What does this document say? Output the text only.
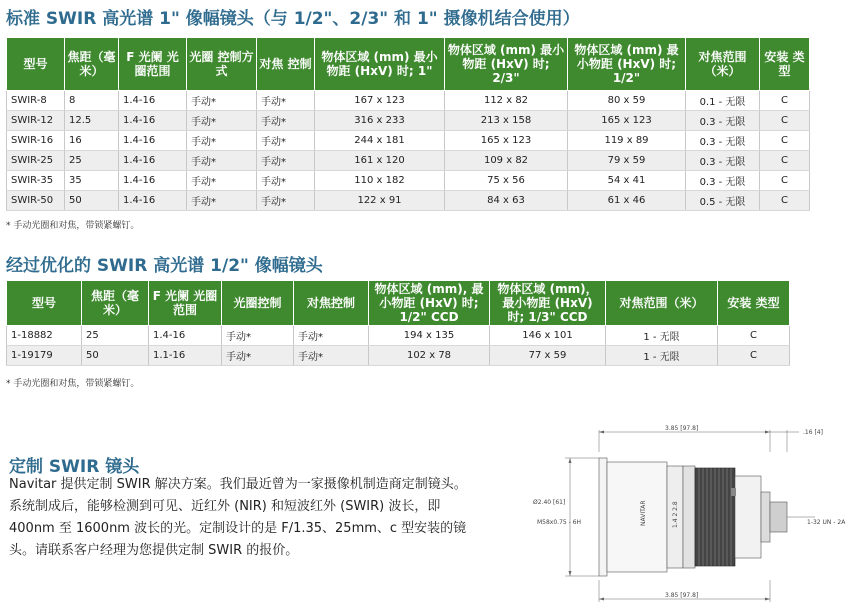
标准 SWIR 高光谱 1" 像幅镜头（与 1/2"、2/3" 和 1" 摄像机结合使用）
型号	焦距（毫米）	F 光阑 光圈范围	光圈 控制方式	对焦 控制	物体区域 (mm) 最小物距 (HxV) 时; 1"	物体区域 (mm) 最小物距 (HxV) 时; 2/3"	物体区域 (mm) 最小物距 (HxV) 时; 1/2"	对焦范围（米）	安装 类型
SWIR-8	8	1.4-16	手动*	手动*	167 x 123	112 x 82	80 x 59	0.1 - 无限	C
SWIR-12	12.5	1.4-16	手动*	手动*	316 x 233	213 x 158	165 x 123	0.3 - 无限	C
SWIR-16	16	1.4-16	手动*	手动*	244 x 181	165 x 123	119 x 89	0.3 - 无限	C
SWIR-25	25	1.4-16	手动*	手动*	161 x 120	109 x 82	79 x 59	0.3 - 无限	C
SWIR-35	35	1.4-16	手动*	手动*	110 x 182	75 x 56	54 x 41	0.3 - 无限	C
SWIR-50	50	1.4-16	手动*	手动*	122 x 91	84 x 63	61 x 46	0.5 - 无限	C
* 手动光圈和对焦，带锁紧螺钉。
经过优化的 SWIR 高光谱 1/2" 像幅镜头
型号	焦距（毫米）	F 光阑 光圈范围	光圈控制	对焦控制	物体区域 (mm), 最小物距 (HxV) 时; 1/2" CCD	物体区域 (mm)，最小物距 (HxV) 时; 1/3" CCD	对焦范围（米）	安装 类型
1-18882	25	1.4-16	手动*	手动*	194 x 135	146 x 101	1 - 无限	C
1-19179	50	1.1-16	手动*	手动*	102 x 78	77 x 59	1 - 无限	C
* 手动光圈和对焦，带锁紧螺钉。
定制 SWIR 镜头

Navitar 提供定制 SWIR 解决方案。我们最近曾为一家摄像机制造商定制镜头。系统制成后，能够检测到可见、近红外 (NIR) 和短波红外 (SWIR) 波长，即 400nm 至 1600nm 波长的光。定制设计的是 F/1.35、25mm、c 型安装的镜头。请联系客户经理为您提供定制 SWIR 的报价。

3.85 [97.8]
.16 [4]
1.4 2 2.8
NAVITAR
Ø2.40 [61]
M58x0.75 - 6H	1-32 UN - 2A
3.85 [97.8]
